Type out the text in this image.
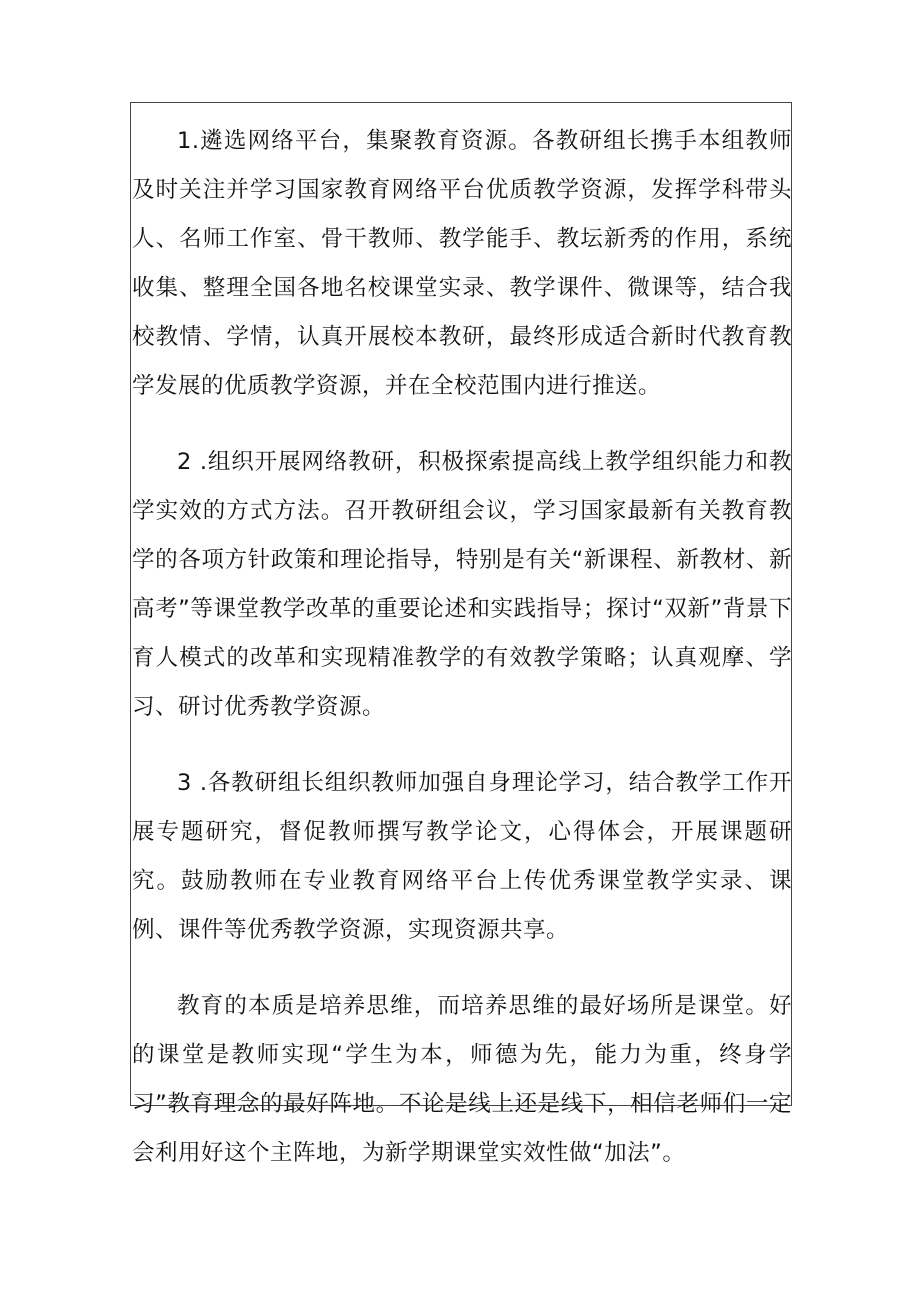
1.遴选网络平台，集聚教育资源。各教研组长携手本组教师及时关注并学习国家教育网络平台优质教学资源，发挥学科带头人、名师工作室、骨干教师、教学能手、教坛新秀的作用，系统收集、整理全国各地名校课堂实录、教学课件、微课等，结合我校教情、学情，认真开展校本教研，最终形成适合新时代教育教学发展的优质教学资源，并在全校范围内进行推送。

2 .组织开展网络教研，积极探索提高线上教学组织能力和教学实效的方式方法。召开教研组会议，学习国家最新有关教育教学的各项方针政策和理论指导，特别是有关“新课程、新教材、新高考”等课堂教学改革的重要论述和实践指导；探讨“双新”背景下育人模式的改革和实现精准教学的有效教学策略；认真观摩、学习、研讨优秀教学资源。

3 .各教研组长组织教师加强自身理论学习，结合教学工作开展专题研究，督促教师撰写教学论文，心得体会，开展课题研究。鼓励教师在专业教育网络平台上传优秀课堂教学实录、课例、课件等优秀教学资源，实现资源共享。

教育的本质是培养思维，而培养思维的最好场所是课堂。好的课堂是教师实现“学生为本，师德为先，能力为重，终身学习”教育理念的最好阵地。不论是线上还是线下，相信老师们一定会利用好这个主阵地，为新学期课堂实效性做“加法”。
